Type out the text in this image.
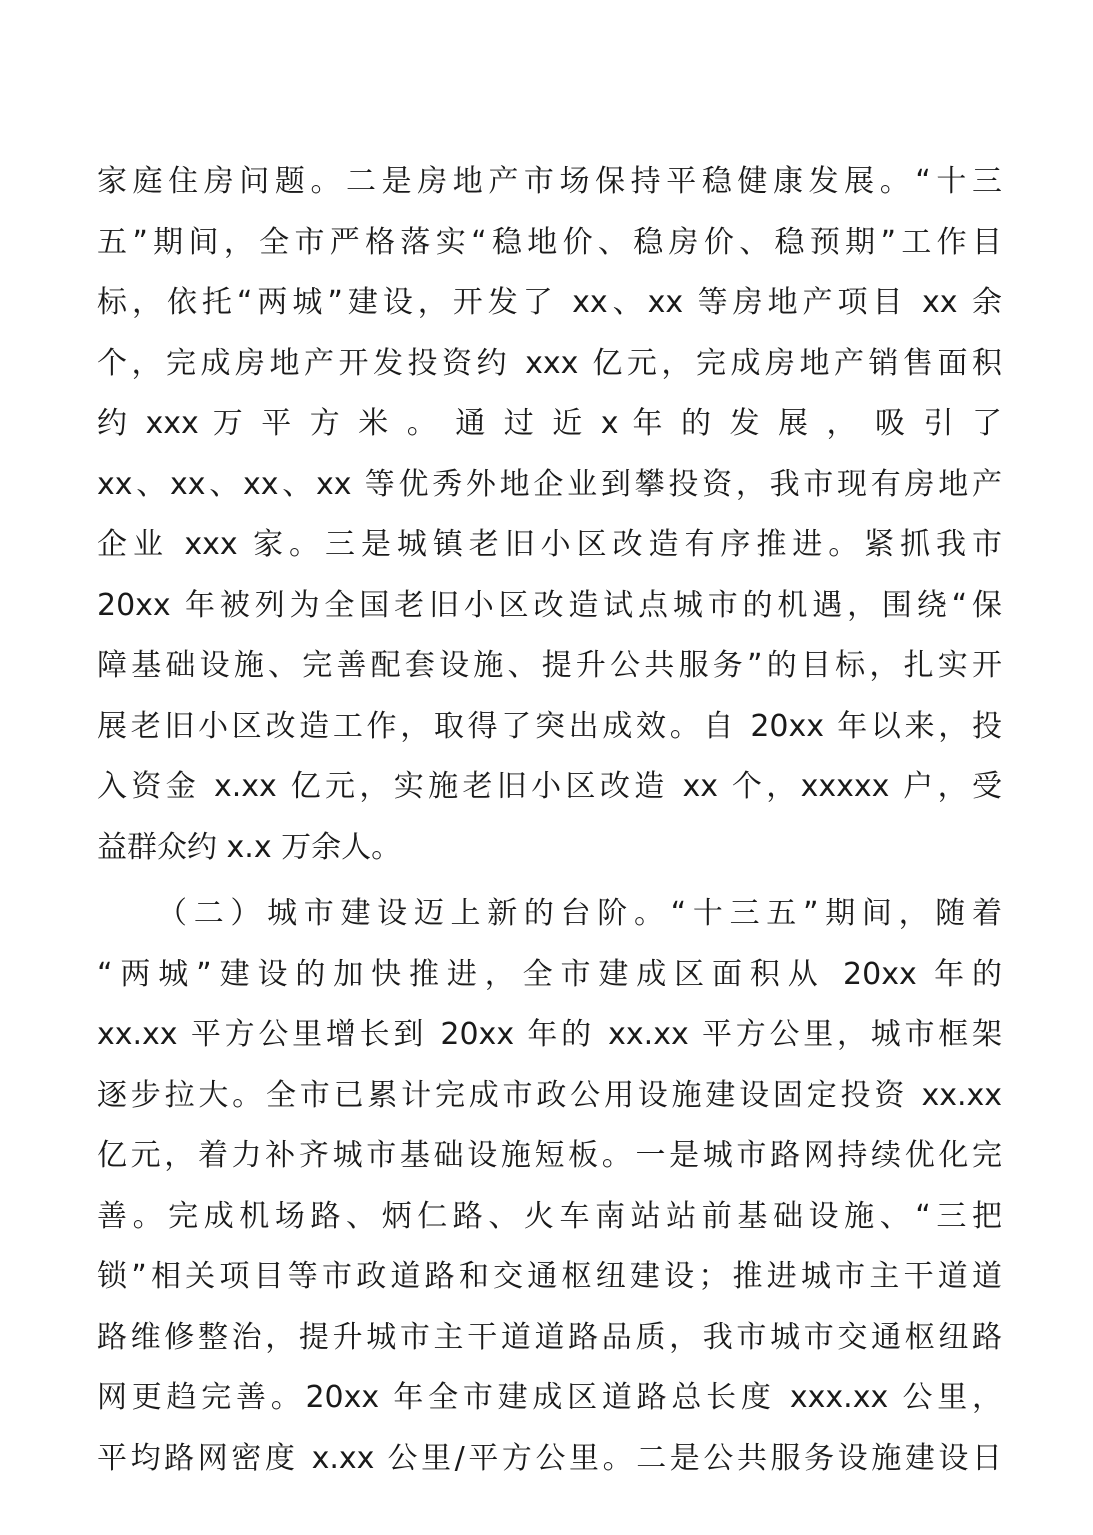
家庭住房问题。二是房地产市场保持平稳健康发展。“十三
五”期间，全市严格落实“稳地价、稳房价、稳预期”工作目
标，依托“两城”建设，开发了 xx、xx 等房地产项目 xx 余
个，完成房地产开发投资约 xxx 亿元，完成房地产销售面积
约 xxx 万 平 方 米 。 通 过 近 x 年 的 发 展 ， 吸 引 了
xx、xx、xx、xx 等优秀外地企业到攀投资，我市现有房地产
企业 xxx 家。三是城镇老旧小区改造有序推进。紧抓我市
20xx 年被列为全国老旧小区改造试点城市的机遇，围绕“保
障基础设施、完善配套设施、提升公共服务”的目标，扎实开
展老旧小区改造工作，取得了突出成效。自 20xx 年以来，投
入资金 x.xx 亿元，实施老旧小区改造 xx 个，xxxxx 户，受
益群众约 x.x 万余人。
（二）城市建设迈上新的台阶。“十三五”期间，随着
“两城”建设的加快推进，全市建成区面积从 20xx 年的
xx.xx 平方公里增长到 20xx 年的 xx.xx 平方公里，城市框架
逐步拉大。全市已累计完成市政公用设施建设固定投资 xx.xx
亿元，着力补齐城市基础设施短板。一是城市路网持续优化完
善。完成机场路、炳仁路、火车南站站前基础设施、“三把
锁”相关项目等市政道路和交通枢纽建设；推进城市主干道道
路维修整治，提升城市主干道道路品质，我市城市交通枢纽路
网更趋完善。20xx 年全市建成区道路总长度 xxx.xx 公里，
平均路网密度 x.xx 公里/平方公里。二是公共服务设施建设日
